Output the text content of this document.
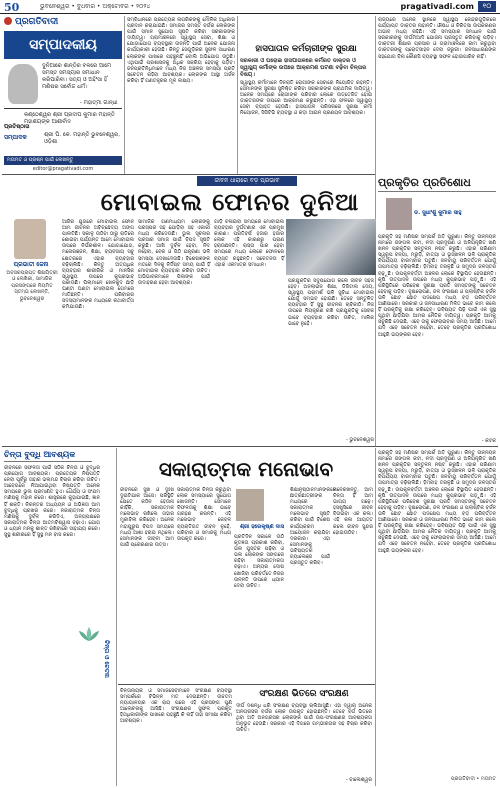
50	ଭୁବନେଶ୍ୱର • ବୁଧବାର • ଅକ୍ଟୋବର • ୨୦୨୪	pragativadi.com	୧୦
ପ୍ରଗତିବାଦୀ
ସମ୍ପାଦକୀୟ
ଦୁନିଆରେ ଶାନ୍ତିର ବଳରେ ଆମେ ସମସ୍ତ ସମସ୍ୟାର ସମାଧାନ କରିପାରିବା। ସତ୍ୟ ଓ ଅହିଂସା ହିଁ ମଣିଷର ସର୍ବୋଚ୍ଚ ଧର୍ମ।
- ମହାତ୍ମା ଗାନ୍ଧୀ
ପ୍ରତିଷ୍ଠାତା
କଣ୍ଠେଶ୍ୱର ଶ୍ରୀ ପ୍ରଦୀପ କୁମାର ମହାନ୍ତି ମହାଶୟଙ୍କ ଆଶୀର୍ବାଦ
ସମ୍ପାଦକ	ଶ୍ରୀ ପି. କେ. ମହାନ୍ତି ଭୁବନେଶ୍ୱର, ଓଡ଼ିଶା
ମତାମତ ଓ ପ୍ରଶ୍ନ ପାଇଁ ଲେଖନ୍ତୁ
editor@pragativadi.com
ସମ୍ବିଧାନରେ ପ୍ରତ୍ୟେକ ନାଗରିକଙ୍କୁ ମୌଳିକ ଅଧିକାର ପ୍ରଦାନ କରାଯାଇଛି। ସମାଜର ସମସ୍ତ ବର୍ଗର ଲୋକଙ୍କ ପାଇଁ ସମାନ ସୁଯୋଗ ସୃଷ୍ଟି କରିବା ସରକାରଙ୍କ ଦାୟିତ୍ୱ। ଗ୍ରାମାଞ୍ଚଳରେ ସ୍ୱାସ୍ଥ୍ୟ ସେବା, ଶିକ୍ଷା ଓ ଯୋଗାଯୋଗ ବ୍ୟବସ୍ଥାର ଉନ୍ନତି ପାଇଁ ଅନେକ ଯୋଜନା କାର୍ଯ୍ୟକାରୀ ହେଉଛି। କିନ୍ତୁ ସେଗୁଡ଼ିକର ସୁଫଳ ସାଧାରଣ ଲୋକଙ୍କ ପାଖରେ ପହଞ୍ଚୁନାହିଁ ବୋଲି ଅଭିଯୋଗ ଉଠୁଛି। ଏଥିପାଇଁ ପ୍ରଶାସନକୁ ଅଧିକ ସକ୍ରିୟ ହେବାକୁ ପଡ଼ିବ। ଜନପ୍ରତିନିଧିମାନେ ମଧ୍ୟ ନିଜ ଅଞ୍ଚଳର ସମସ୍ୟା ପ୍ରତି ସଚେତନ ରହିବା ଆବଶ୍ୟକ। ଲୋକଙ୍କ ଆସ୍ଥା ଅର୍ଜନ କରିବା ହିଁ ଗଣତନ୍ତ୍ରର ମୂଳ ଲକ୍ଷ୍ୟ।
ହାସପାତାଳ କର୍ମଚାରୀଙ୍କ ସୁରକ୍ଷା
ସରକାରୀ ଓ ଘରୋଇ ହାସପାତାଳରେ କର୍ମରତ ଡାକ୍ତର ଓ ସ୍ୱାସ୍ଥ୍ୟ କର୍ମୀଙ୍କ ଉପରେ ଆକ୍ରମଣ ଘଟଣା ବଢ଼ିବା ଚିନ୍ତାର ବିଷୟ।
ସ୍ୱାସ୍ଥ୍ୟ କର୍ମୀମାନେ ଦିନରାତି ରୋଗୀଙ୍କ ସେବାରେ ନିୟୋଜିତ ରହନ୍ତି। ସେମାନଙ୍କ ସୁରକ୍ଷା ସୁନିଶ୍ଚିତ କରିବା ସରକାରଙ୍କ ପ୍ରାଥମିକ ଦାୟିତ୍ୱ। ଅନେକ ସମୟରେ ରୋଗୀଙ୍କ ପରିବାର ଲୋକେ ଉତ୍ତେଜିତ ହୋଇ ଡାକ୍ତରଙ୍କ ଉପରେ ଆକ୍ରମଣ କରୁଛନ୍ତି। ଏହା ଫଳରେ ସ୍ୱାସ୍ଥ୍ୟ ସେବା ବ୍ୟାହତ ହେଉଛି। ହାସପାତାଳ ପରିସରରେ ସୁରକ୍ଷା କର୍ମୀ ନିୟୋଜନ, ସିସିଟିଭି ବ୍ୟବସ୍ଥା ଓ କଡ଼ା ଆଇନ ପ୍ରଣୟନ ଆବଶ୍ୟକ।
ରାଜ୍ୟରେ ଅନେକ ସ୍ଥାନରେ ସ୍ୱାସ୍ଥ୍ୟ କେନ୍ଦ୍ରଗୁଡ଼ିକରେ ପର୍ଯ୍ୟାପ୍ତ ଡାକ୍ତର ନାହାନ୍ତି। ଔଷଧ ଓ ଚିକିତ୍ସା ଉପକରଣର ଅଭାବ ମଧ୍ୟ ରହିଛି। ଏହି ସମସ୍ୟାର ସମାଧାନ ପାଇଁ ସରକାରଙ୍କୁ ଦୀର୍ଘମିଆଦି ଯୋଜନା ପ୍ରସ୍ତୁତ କରିବାକୁ ପଡ଼ିବ। ଡାକ୍ତରୀ ଶିକ୍ଷାର ପ୍ରସାର ଓ ଗ୍ରାମାଞ୍ଚଳରେ କାମ କରୁଥିବା ଡାକ୍ତରଙ୍କୁ ପ୍ରୋତ୍ସାହନ ଦେବା ଜରୁରୀ। ଜନସାଧାରଣଙ୍କ ସହଯୋଗ ବିନା କୌଣସି ବ୍ୟବସ୍ଥା ସଫଳ ହୋଇପାରିବ ନାହିଁ।
ଜୀବନ ଧାରାରେ ବଡ଼ ପ୍ରଭାବ
ମୋବାଇଲ ଫୋନର ଦୁନିଆ
ପ୍ରଭାତୀ ଜେନା
ଅବସରପ୍ରାପ୍ତ ଶିକ୍ଷୟିତ୍ରୀ ଓ ଲେଖିକା, ସାମାଜିକ ପ୍ରସଙ୍ଗରେ ନିୟମିତ ସ୍ତମ୍ଭ ଲେଖନ୍ତି, ଭୁବନେଶ୍ୱର
ଆଜିର ଯୁଗରେ ମୋବାଇଲ ଫୋନ ଆମ ଜୀବନର ଅବିଚ୍ଛେଦ୍ୟ ଅଙ୍ଗ ପାଲଟିଛି। ସକାଳୁ ଉଠିବା ଠାରୁ ରାତିରେ ଶୋଇବା ପର୍ଯ୍ୟନ୍ତ ଆମେ ମୋବାଇଲ ଉପରେ ନିର୍ଭରଶୀଳ। ଯୋଗାଯୋଗ, ମନୋରଞ୍ଜନ, ଶିକ୍ଷା, ବ୍ୟବସାୟ ସବୁ କ୍ଷେତ୍ରରେ ଏହାର ବ୍ୟବହାର ବଢ଼ିଚାଲିଛି। କିନ୍ତୁ ଅତ୍ୟଧିକ ବ୍ୟବହାର ଶାରୀରିକ ଓ ମାନସିକ ସ୍ୱାସ୍ଥ୍ୟ ଉପରେ କୁପ୍ରଭାବ ପକାଉଛି। ପିଲାମାନେ ଖେଳକୁଦ ଛାଡ଼ି ଘଣ୍ଟା ଘଣ୍ଟା ମୋବାଇଲ ଗେମରେ ମାତିଛନ୍ତି। ପରିବାରର ସଦସ୍ୟମାନଙ୍କ ମଧ୍ୟରେ କଥାବାର୍ତ୍ତା କମିଯାଉଛି।
ସାମାଜିକ ଗଣମାଧ୍ୟମ ଲୋକଙ୍କୁ ପରସ୍ପର ସହ ଯୋଡ଼ିବା ସହ ଏକାକୀ ମଧ୍ୟ କରିଦେଉଛି। ଭୁଲ ସୂଚନାର ପ୍ରସାର ସମାଜ ପାଇଁ ବିପଦ ସୃଷ୍ଟି କରୁଛି। ଆଖି ଦୁର୍ବଳ ହେବା, ନିଦ ନହେବା, ବେକ ଓ ପିଠି ଯନ୍ତ୍ରଣା ଭଳି ସମସ୍ୟା ଦେଖାଦେଉଛି। ବିଶେଷଜ୍ଞଙ୍କ ମତରେ ଦିନକୁ ନିର୍ଦ୍ଦିଷ୍ଟ ସମୟ ପାଇଁ ହିଁ ମୋବାଇଲ ବ୍ୟବହାର କରିବା ଉଚିତ। ଅଭିଭାବକମାନେ ପିଲାଙ୍କ ପାଇଁ ଉଦାହରଣ ହେବା ଆବଶ୍ୟକ।
ଗାଡ଼ି ଚଳାଇବା ସମୟରେ ମୋବାଇଲ ବ୍ୟବହାର ଦୁର୍ଘଟଣାର ଏକ ପ୍ରମୁଖ କାରଣ। ପ୍ରତିବର୍ଷ ହଜାର ହଜାର ଲୋକ ଏହି କାରଣରୁ ପ୍ରାଣ ହରାଉଛନ୍ତି। ରାସ୍ତା ପାର ହେବା ସମୟରେ ମଧ୍ୟ ଲୋକେ ଫୋନରେ ବ୍ୟସ୍ତ ରହୁଛନ୍ତି। ସଚେତନତା ହିଁ ଏହାର ଏକମାତ୍ର ସମାଧାନ।
ପ୍ରଯୁକ୍ତିର ସଦୁପଯୋଗ କଲେ ଜୀବନ ସହଜ ହେବ। ଅନଲାଇନ ଶିକ୍ଷା, ଡିଜିଟାଲ ଦେୟ, ସ୍ୱାସ୍ଥ୍ୟ ପରାମର୍ଶ ଭଳି ସୁବିଧା ମୋବାଇଲ ଯୋଗୁଁ ସମ୍ଭବ ହୋଇଛି। ତେବେ ସନ୍ତୁଳିତ ବ୍ୟବହାର ହିଁ ସୁସ୍ଥ ଜୀବନର ଚାବିକାଠି। ନିଜ ଉପରେ ନିୟନ୍ତ୍ରଣ ରଖି ପ୍ରଯୁକ୍ତିକୁ ସେବକ ଭାବେ ବ୍ୟବହାର କରିବା ଉଚିତ, ମାଲିକ ଭାବେ ନୁହେଁ।
- ଭୁବନେଶ୍ୱର
ପ୍ରକୃତିର ପ୍ରତିଶୋଧ
ଡ. ସୁଧାଂଶୁ କୁମାର ସାହୁ
ପ୍ରକୃତି ସହ ମଣିଷର ସମ୍ପର୍କ ଅତି ପୁରୁଣା। କିନ୍ତୁ ଉନ୍ନୟନ ନାମରେ ଜଙ୍ଗଲ କଟା, ନଦୀ ପ୍ରଦୂଷଣ ଓ ଅନିୟନ୍ତ୍ରିତ ଖଣି ଖନନ ପ୍ରକୃତିର ସନ୍ତୁଳନ ନଷ୍ଟ କରୁଛି। ଏହାର ପରିଣାମ ସ୍ୱରୂପ ବନ୍ୟା, ମରୁଡ଼ି, ବାତ୍ୟା ଓ ଭୂସ୍ଖଳନ ଭଳି ପ୍ରାକୃତିକ ବିପର୍ଯ୍ୟୟ ବାରମ୍ବାର ଘଟୁଛି। ଜଳବାୟୁ ପରିବର୍ତ୍ତନ ଯୋଗୁଁ ତାପମାତ୍ରା ବଢ଼ିଚାଲିଛି। ହିମବାହ ତରଳୁଛି ଓ ସମୁଦ୍ର ଜଳସ୍ତର ବଢ଼ୁଛି। ଉପକୂଳବର୍ତ୍ତୀ ଅଞ୍ଚଳର ଲୋକେ ବିସ୍ଥାପିତ ହେଉଛନ୍ତି। କୃଷି ଉତ୍ପାଦନ ଉପରେ ମଧ୍ୟ କୁପ୍ରଭାବ ପଡ଼ୁଛି। ଏହି ପରିସ୍ଥିତିରେ ପରିବେଶ ସୁରକ୍ଷା ପ୍ରତି ସମସ୍ତଙ୍କୁ ସଚେତନ ହେବାକୁ ପଡ଼ିବ। ବୃକ୍ଷରୋପଣ, ଜଳ ସଂରକ୍ଷଣ ଓ ପ୍ଲାଷ୍ଟିକ ବର୍ଜନ ଭଳି ଛୋଟ ଛୋଟ ପଦକ୍ଷେପ ମଧ୍ୟ ବଡ଼ ପରିବର୍ତ୍ତନ ଆଣିପାରେ। ସରକାର ଓ ଜନସାଧାରଣ ମିଳିତ ଭାବେ କାମ କଲେ ହିଁ ପ୍ରକୃତିକୁ ରକ୍ଷା କରିହେବ। ଭବିଷ୍ୟତ ପିଢ଼ି ପାଇଁ ଏକ ସୁସ୍ଥ ପୃଥିବୀ ଛାଡ଼ିଯିବା ଆମର ନୈତିକ ଦାୟିତ୍ୱ। ପ୍ରକୃତି ଆମକୁ ସବୁକିଛି ଦେଇଛି, ଏବେ ତାକୁ ଫେରାଇବାର ସମୟ ଆସିଛି। ଆମେ ଯଦି ଏବେ ସଚେତନ ନହେବା, ତେବେ ପ୍ରକୃତିର ପ୍ରତିଶୋଧ ଆହୁରି ଭୟଙ୍କର ହେବ।
- କଟକ
ଚିନ୍ତା ବୁଦ୍ଧି ଆବଶ୍ୟକ
ଜୀବନରେ ସଫଳତା ପାଇଁ ସଠିକ ଚିନ୍ତା ଓ ବୁଦ୍ଧିର ପ୍ରୟୋଗ ଆବଶ୍ୟକ। ପ୍ରତ୍ୟେକ ନିଷ୍ପତ୍ତି ନେବା ପୂର୍ବରୁ ତାହାର ଭଲମନ୍ଦ ବିଚାର କରିବା ଉଚିତ। ଆବେଗରେ ନିଆଯାଇଥିବା ନିଷ୍ପତ୍ତି ଅନେକ ସମୟରେ ଭୁଲ ପ୍ରମାଣିତ ହୁଏ। ଧୈର୍ଯ୍ୟ ଓ ସଂଯମ ମଣିଷକୁ ମହାନ କରେ। ଶାସ୍ତ୍ରରେ କୁହାଯାଇଛି, ଜ୍ଞାନ ହିଁ ଶକ୍ତି। ନିରନ୍ତର ଅଧ୍ୟୟନ ଓ ଅଭିଜ୍ଞତା ଆମ ବୁଦ୍ଧିକୁ ପ୍ରଖର କରେ। ନକାରାତ୍ମକ ଚିନ୍ତା ମଣିଷକୁ ଦୁର୍ବଳ କରିଦିଏ, ଅନ୍ୟପକ୍ଷରେ ସକାରାତ୍ମକ ଚିନ୍ତା ଆତ୍ମବିଶ୍ୱାସ ବଢ଼ାଏ। ଯୋଗ ଓ ଧ୍ୟାନ ମନକୁ ଶାନ୍ତ ରଖିବାରେ ସାହାଯ୍ୟ କରେ। ସୁସ୍ଥ ଶରୀରରେ ହିଁ ସୁସ୍ଥ ମନ ବାସ କରେ।
ଚିନ୍ତା ଓ ଚେତନା
ସକାରାତ୍ମକ ମନୋଭାବ
ଜୀବନରେ ସୁଖ ଓ ଦୁଃଖ ଦୁଇଟିଯାକ ଆସେ। ପରିସ୍ଥିତି ଯେତେ କଠିନ ହେଉନା କାହିଁକି, ସକାରାତ୍ମକ ମନୋଭାବ ରଖିଲେ ତାହାର ମୁକାବିଲା କରିହେବ। ଅନେକ ମହାପୁରୁଷ ବିପଦ ସମୟରେ ମଧ୍ୟ ଆଶା ହରାଇ ନଥିଲେ। ସେମାନଙ୍କ ଜୀବନୀ ଆମ ପାଇଁ ପ୍ରେରଣାର ଉତ୍ସ।
ସକାରାତ୍ମକ ଚିନ୍ତା କରୁଥିବା ଲୋକ ସମସ୍ୟାରେ ସୁଯୋଗ ଖୋଜନ୍ତି। ସେମାନେ ବିଫଳତାକୁ ଶିକ୍ଷା ଭାବେ ଗ୍ରହଣ କରନ୍ତି। ଏହି ମନୋଭାବ କେବଳ ବ୍ୟକ୍ତିଗତ ଜୀବନ ନୁହେଁ, ପରିବାର ଓ ସମାଜକୁ ମଧ୍ୟ ଉପକୃତ କରେ।
ଶ୍ରୀ ହରେକୃଷ୍ଣ ଦାସ
ପ୍ରତିଦିନ ସକାଳେ ଉଠି କୃତଜ୍ଞତା ପ୍ରକାଶ କରିବା, ଭଲ ପୁସ୍ତକ ପଢ଼ିବା ଓ ଭଲ ଲୋକଙ୍କ ସଙ୍ଗରେ ରହିବା ସକାରାତ୍ମକତା ବଢ଼ାଏ। ଅନ୍ୟର ଦୋଷ ଖୋଜିବା ପରିବର୍ତ୍ତେ ନିଜର ଉନ୍ନତି ଉପରେ ଧ୍ୟାନ ଦେବା ଉଚିତ।
ଶିକ୍ଷାନୁଷ୍ଠାନମାନଙ୍କରେ ଛାତ୍ରଛାତ୍ରୀଙ୍କ ମଧ୍ୟରେ ସକାରାତ୍ମକ ମନୋଭାବ ସୃଷ୍ଟି କରିବା ପାଇଁ ବିଶେଷ କାର୍ଯ୍ୟକ୍ରମ ଆୟୋଜନ କରାଯିବା ଦରକାର। ଏହା ସେମାନଙ୍କୁ ଭବିଷ୍ୟତର ଚ୍ୟାଲେଞ୍ଜ ପାଇଁ ପ୍ରସ୍ତୁତ କରିବ।
ମନେରଖନ୍ତୁ, ଆମ ଚିନ୍ତା ହିଁ ଆମ ଭାଗ୍ୟ ଗଢ଼େ। ହସଖୁସିରେ ଜୀବନ ବିତାଇବା ଏକ କଳା। ଏହି କଳା ଆୟତ୍ତ କଲେ ଜୀବନ ସୁନ୍ଦର ହୋଇଉଠିବ।
ଚିନ୍ତାନାୟକ ଓ ସମାଜସେବୀମାନେ ସଂରକ୍ଷଣ ବ୍ୟବସ୍ଥା ସମ୍ପର୍କରେ ବିଭିନ୍ନ ମତ ଦେଇଛନ୍ତି। ଉଚ୍ଚତମ ନ୍ୟାୟାଳୟର ଏକ ରାୟ ପରେ ଏହି ପ୍ରସଙ୍ଗ ପୁଣି ଆଲୋଚନାକୁ ଆସିଛି। ସଂରକ୍ଷଣର ସୁଫଳ ପ୍ରକୃତ ହିତାଧିକାରୀଙ୍କ ପାଖରେ ପହଞ୍ଚୁଛି କି ନାହିଁ ତାହା ସମୀକ୍ଷା କରିବା ଆବଶ୍ୟକ।
ସଂରକ୍ଷଣ ଭିତରେ ସଂରକ୍ଷଣ
ଦୀର୍ଘ ଦଶନ୍ଧି ଧରି ସଂରକ୍ଷଣ ବ୍ୟବସ୍ଥା ଚାଲିଆସୁଛି। ଏହା ଦ୍ୱାରା ଅନେକ ଅନଗ୍ରସର ବର୍ଗର ଲୋକ ଉପକୃତ ହୋଇଛନ୍ତି। ତେବେ ବର୍ଗ ଭିତରେ ଥିବା ଅତି ଅନଗ୍ରସର ଲୋକଙ୍କ ପାଇଁ ଉପ-ସଂରକ୍ଷଣର ଆବଶ୍ୟକତା ଅନୁଭୂତ ହେଉଛି। ସରକାର ଏହି ଦିଗରେ ଗମ୍ଭୀରତାର ସହ ବିଚାର କରିବା ଉଚିତ।
- ବାଲେଶ୍ୱର
ପ୍ରକୃତି ସହ ମଣିଷର ସମ୍ପର୍କ ଅତି ପୁରୁଣା। କିନ୍ତୁ ଉନ୍ନୟନ ନାମରେ ଜଙ୍ଗଲ କଟା, ନଦୀ ପ୍ରଦୂଷଣ ଓ ଅନିୟନ୍ତ୍ରିତ ଖଣି ଖନନ ପ୍ରକୃତିର ସନ୍ତୁଳନ ନଷ୍ଟ କରୁଛି। ଏହାର ପରିଣାମ ସ୍ୱରୂପ ବନ୍ୟା, ମରୁଡ଼ି, ବାତ୍ୟା ଓ ଭୂସ୍ଖଳନ ଭଳି ପ୍ରାକୃତିକ ବିପର୍ଯ୍ୟୟ ବାରମ୍ବାର ଘଟୁଛି। ଜଳବାୟୁ ପରିବର୍ତ୍ତନ ଯୋଗୁଁ ତାପମାତ୍ରା ବଢ଼ିଚାଲିଛି। ହିମବାହ ତରଳୁଛି ଓ ସମୁଦ୍ର ଜଳସ୍ତର ବଢ଼ୁଛି। ଉପକୂଳବର୍ତ୍ତୀ ଅଞ୍ଚଳର ଲୋକେ ବିସ୍ଥାପିତ ହେଉଛନ୍ତି। କୃଷି ଉତ୍ପାଦନ ଉପରେ ମଧ୍ୟ କୁପ୍ରଭାବ ପଡ଼ୁଛି। ଏହି ପରିସ୍ଥିତିରେ ପରିବେଶ ସୁରକ୍ଷା ପ୍ରତି ସମସ୍ତଙ୍କୁ ସଚେତନ ହେବାକୁ ପଡ଼ିବ। ବୃକ୍ଷରୋପଣ, ଜଳ ସଂରକ୍ଷଣ ଓ ପ୍ଲାଷ୍ଟିକ ବର୍ଜନ ଭଳି ଛୋଟ ଛୋଟ ପଦକ୍ଷେପ ମଧ୍ୟ ବଡ଼ ପରିବର୍ତ୍ତନ ଆଣିପାରେ। ସରକାର ଓ ଜନସାଧାରଣ ମିଳିତ ଭାବେ କାମ କଲେ ହିଁ ପ୍ରକୃତିକୁ ରକ୍ଷା କରିହେବ। ଭବିଷ୍ୟତ ପିଢ଼ି ପାଇଁ ଏକ ସୁସ୍ଥ ପୃଥିବୀ ଛାଡ଼ିଯିବା ଆମର ନୈତିକ ଦାୟିତ୍ୱ। ପ୍ରକୃତି ଆମକୁ ସବୁକିଛି ଦେଇଛି, ଏବେ ତାକୁ ଫେରାଇବାର ସମୟ ଆସିଛି। ଆମେ ଯଦି ଏବେ ସଚେତନ ନହେବା, ତେବେ ପ୍ରକୃତିର ପ୍ରତିଶୋଧ ଆହୁରି ଭୟଙ୍କର ହେବ।
ପ୍ରଗତିବାଦୀ • ମତାମତ
